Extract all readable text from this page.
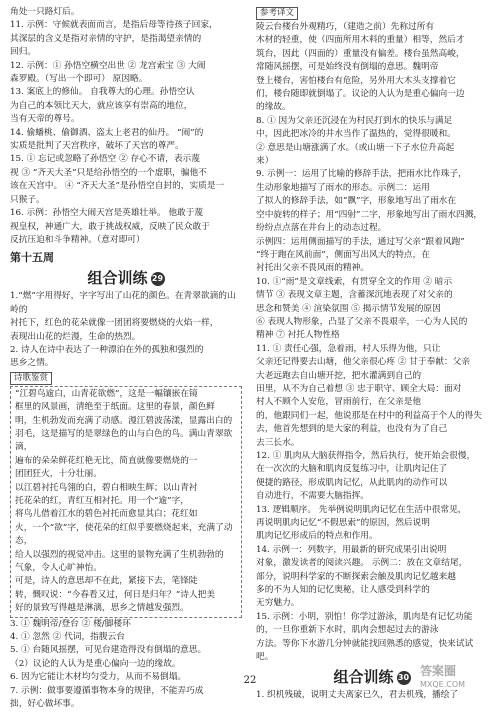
角处一只路灯后。
11. 示例：守候就表面而言，是指后母等待孩子回家，
其深层的含义是指对亲情的守护，是指渴望亲情的
回归。
12. 示例：① 孙悟空横空出世 ② 龙宫索宝 ③ 大闹
森罗殿。（写出一个即可） 原因略。
13. 案底上的修仙。 自我尊大的心理。孙悟空认
为自己的本领比天大，就应该享有崇高的地位，
当有天帝的尊号。
14. 偷蟠桃、偷御酒、盗太上老君的仙丹。 “闹”的
实质是批判了天宫秩序，破坏了天宫的尊严。
15. ① 忘记或忽略了孙悟空 ② 存心不请，表示蔑
视 ③ “齐天大圣”只是给孙悟空的一个虚职，骗他不
该在天宫中。 ④ “齐天大圣”是孙悟空自封的，实质是一
只猴子。
16. 示例：孙悟空大闹天宫是英雄壮举。 他敢于蔑
视皇权，神通广大，敢于挑战权威，反映了民众敢于
反抗压迫和斗争精神。（意对即可）
第十五周
组合训练 29
1.“燃”字用得好，字字写出了山花的颜色。在青翠欲滴的山岭的
衬托下，红色的花朵就像一团团将要燃烧的火焰一样，
表现出山花的烂漫，生命的热烈。
2. 诗人在诗中表达了一种漂泊在外的孤独和强烈的
思乡之情。
诗歌鉴赏
“江碧鸟逾白，山青花欲燃”，这是一幅镶嵌在镜
框里的风景画，清绝至于纸面。这里的春景，颜色鲜
明，生机勃发而充满了动感。漫江碧波荡漾，显露出白的
羽毛，这是描写的是翠绿色的山与白色的鸟。满山青翠欲滴，
遍布的朵朵鲜花红艳无比，简直就像要燃烧的一
团团狂火，十分壮丽。
以江碧衬托鸟翎的白，碧白相映生辉；以山青衬
托花朵的红，青红互相衬托。用一个“逾”字，
将鸟儿借着江水的碧色衬托而愈显其白；花红如
火，一个“欲”字，使花朵的红似乎要燃烧起来，充满了动态，
给人以强烈的视觉冲击。这里的景物充满了生机勃勃的
气象，令人心旷神怡。
可是，诗人的意思却不在此，紧接下去，笔锋陡
转，慨叹说：“今春看又过，何日是归年？”诗人把美
好的景致写得越是淋漓，思乡之情越发强烈。
3. ① 魏明帝/登台 ② 楼/脚楼环
4. ① 忽然 ② 代词，指腹云台
5. ① 台随风摇摆，可见台建造得没有倒塌的意思。
（2）议论的人认为是重心偏向一边的缘故。
6. 因为它能让木材均匀受力，从而不易倒塌。
7. 示例：做事要遵循事物本身的规律，不能弄巧成
拙，好心做坏事。
参考译文
陵云台楼台外观精巧，（建造之前）先称过所有
木材的轻重，使（四面所用木料的重量）相等，然后才
筑台，因此（四面的）重量没有偏差。楼台虽然高峻，
常随风摇摆，可是始终没有倒塌的意思。魏明帝
登上楼台，害怕楼台有危险，另外用大木头支撑着它
们，楼台随即就倒塌了。议论的人认为是重心偏向一边
的缘故。
8. ① 因为父亲还沉浸在为村民打到水的快乐与满足
中，因此把冰冷的井水当作了温热的，觉得很暖和。
② 意思是山塘涨满了水。（或山塘一下子水位升高起
来）
9. 示例一：运用了比喻的修辞手法，把雨水比作珠子，
生动形象地描写了雨水的形态。示例二：运用
了拟人的修辞手法，如“飘”字，形象地写出了雨水在
空中旋转的样子；用“四射”二字，形象地写出了雨水四溅，
纷纷点点落在井台上的动态过程。
示例四：运用侧面描写的手法，通过写父亲“跟着风跑”
“终于跑在风前面”，侧面写出风大的特点，在
衬托出父亲不畏风雨的精神。
10. ①“雨”是文章线索，有贯穿全文的作用 ② 暗示
情节 ③ 表现文章主题，含蓄深沉地表现了对父亲的
思念和赞美 ④ 渲染氛围 ⑤ 揭示情节发展的原因
⑥ 表现人物形象，凸显了父亲不畏艰辛，一心为人民的
精神 ⑦ 衬托人物性格
11. ① 责任心强，急着雨，村人乐得为他，只让
父亲还记得要去山塘，他父亲很心疼 ② 甘于奉献：父亲
大老远跑去自山塘开挖，把水灌满到自己的
田里，从不为自己着想 ③ 忠于职守、顾全大局：面对
村人不顾个人安危，冒雨前行，在父亲是他
的，他跟同们一起，他说那是在村中的利益高于个人的得失
去，他首先想到的是大家的利益，也没有为了自己
去三长水。
12. ① 肌肉从大脑获得指令，然后执行，使开始会很慢，
在一次次的大脑和肌肉反复练习中，让肌肉记住了
便捷的路径，形成肌肉记忆，从此肌肉的动作可以
自动进行，不需要大脑指挥。
13. 逻辑顺序。 先举例说明肌肉记忆在生活中很常见，
再说明肌肉记忆“不假思索”的原因，然后说明
肌肉记忆形成后的特点和作用。
14. 示例一：列数字，用最新的研究成果引出说明
对象，激发读者的阅读兴趣。 示例二：放在文章结尾，
部分，说明科学家的不断探索会触及肌肉记忆越来越
多的不为人知的记忆奥秘，让人感受到科学的
无穷魅力。
15. 示例：小明，别怕！你学过游泳，肌肉是有记忆功能
的，一旦你重新下水时，肌肉会想起过去的游泳
方法。等你下水游几分钟就能找回熟悉的感觉，快来试试吧。
组合训练 30
1. 织机残破，说明丈夫离家已久，君去机残，播绘了
22
答案圈
MXQE.COM
